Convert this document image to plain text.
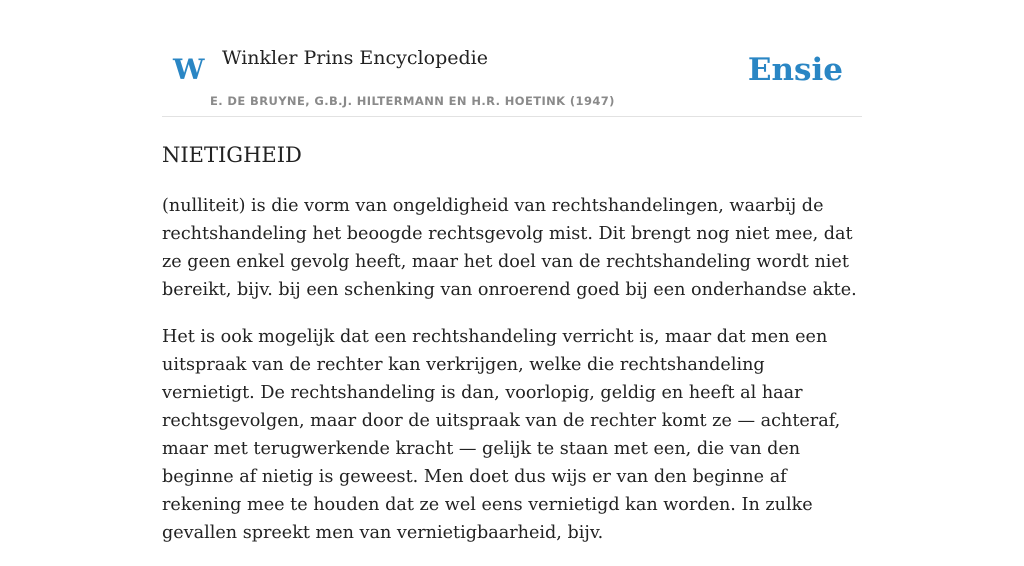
W Winkler Prins Encyclopedie
E. DE BRUYNE, G.B.J. HILTERMANN EN H.R. HOETINK (1947)
Ensie
NIETIGHEID

(nulliteit) is die vorm van ongeldigheid van rechtshandelingen, waarbij de rechtshandeling het beoogde rechtsgevolg mist. Dit brengt nog niet mee, dat ze geen enkel gevolg heeft, maar het doel van de rechtshandeling wordt niet bereikt, bijv. bij een schenking van onroerend goed bij een onderhandse akte.

Het is ook mogelijk dat een rechtshandeling verricht is, maar dat men een uitspraak van de rechter kan verkrijgen, welke die rechtshandeling vernietigt. De rechtshandeling is dan, voorlopig, geldig en heeft al haar rechtsgevolgen, maar door de uitspraak van de rechter komt ze — achteraf, maar met terugwerkende kracht — gelijk te staan met een, die van den beginne af nietig is geweest. Men doet dus wijs er van den beginne af rekening mee te houden dat ze wel eens vernietigd kan worden. In zulke gevallen spreekt men van vernietigbaarheid, bijv.
